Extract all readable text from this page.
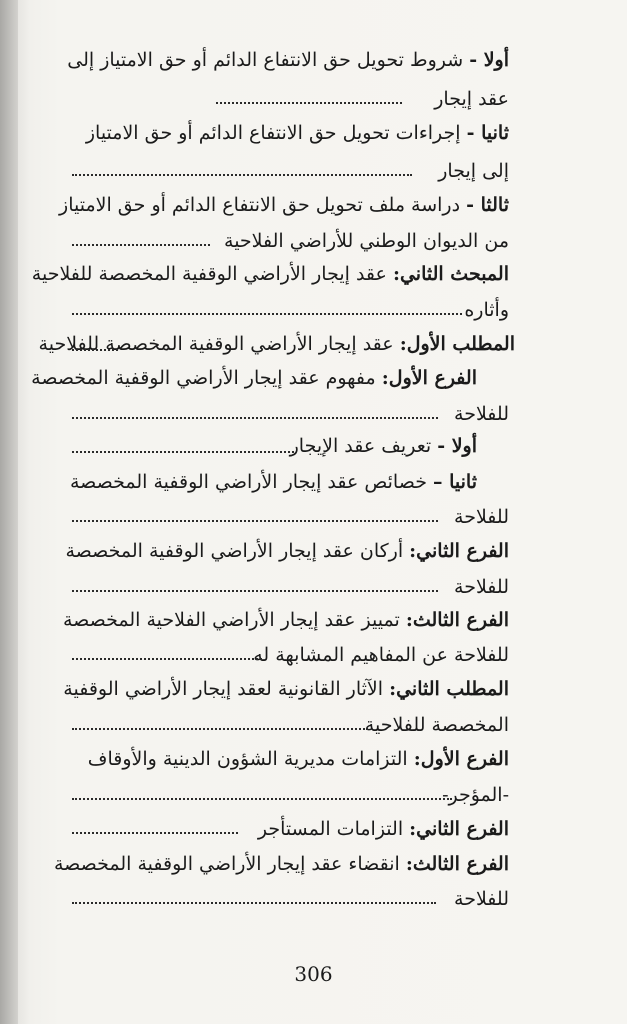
أولا - شروط تحويل حق الانتفاع الدائم أو حق الامتياز إلى
عقد إيجار
ثانيا - إجراءات تحويل حق الانتفاع الدائم أو حق الامتياز
إلى إيجار
ثالثا - دراسة ملف تحويل حق الانتفاع الدائم أو حق الامتياز
من الديوان الوطني للأراضي الفلاحية
المبحث الثاني: عقد إيجار الأراضي الوقفية المخصصة للفلاحية
وأثاره
المطلب الأول: عقد إيجار الأراضي الوقفية المخصصة للفلاحية
الفرع الأول: مفهوم عقد إيجار الأراضي الوقفية المخصصة
للفلاحة
أولا - تعريف عقد الإيجار
ثانيا – خصائص عقد إيجار الأراضي الوقفية المخصصة
للفلاحة
الفرع الثاني: أركان عقد إيجار الأراضي الوقفية المخصصة
للفلاحة
الفرع الثالث: تمييز عقد إيجار الأراضي الفلاحية المخصصة
للفلاحة عن المفاهيم المشابهة له
المطلب الثاني: الآثار القانونية لعقد إيجار الأراضي الوقفية
المخصصة للفلاحية
الفرع الأول: التزامات مديرية الشؤون الدينية والأوقاف
-المؤجر-
الفرع الثاني: التزامات المستأجر
الفرع الثالث: انقضاء عقد إيجار الأراضي الوقفية المخصصة
للفلاحة
306
